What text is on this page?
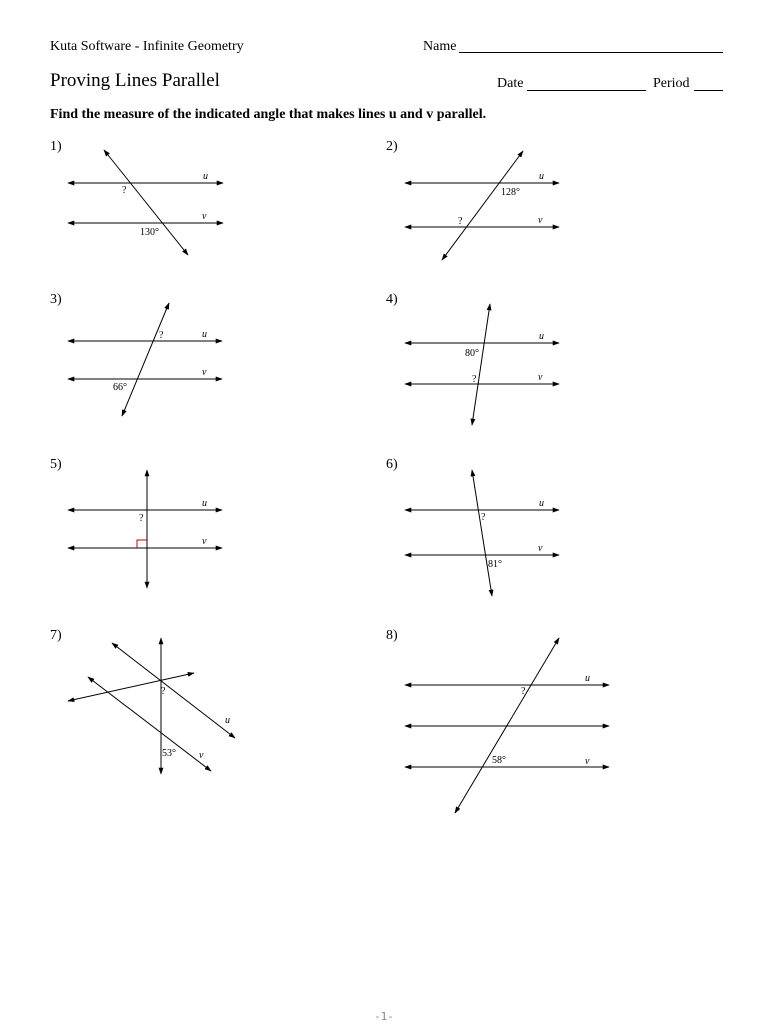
Kuta Software - Infinite Geometry	Name
Proving Lines Parallel	Date	Period
Find the measure of the indicated angle that makes lines u and v parallel.
1)	2)
3)	4)
5)	6)
7)	8)
u
v
?
130°
u
v
128°
?
u
v
?
66°
u
v
80°
?
u
v
?
u
v
?
81°
u
v
?
53°
u
v
?
58°
-1-
